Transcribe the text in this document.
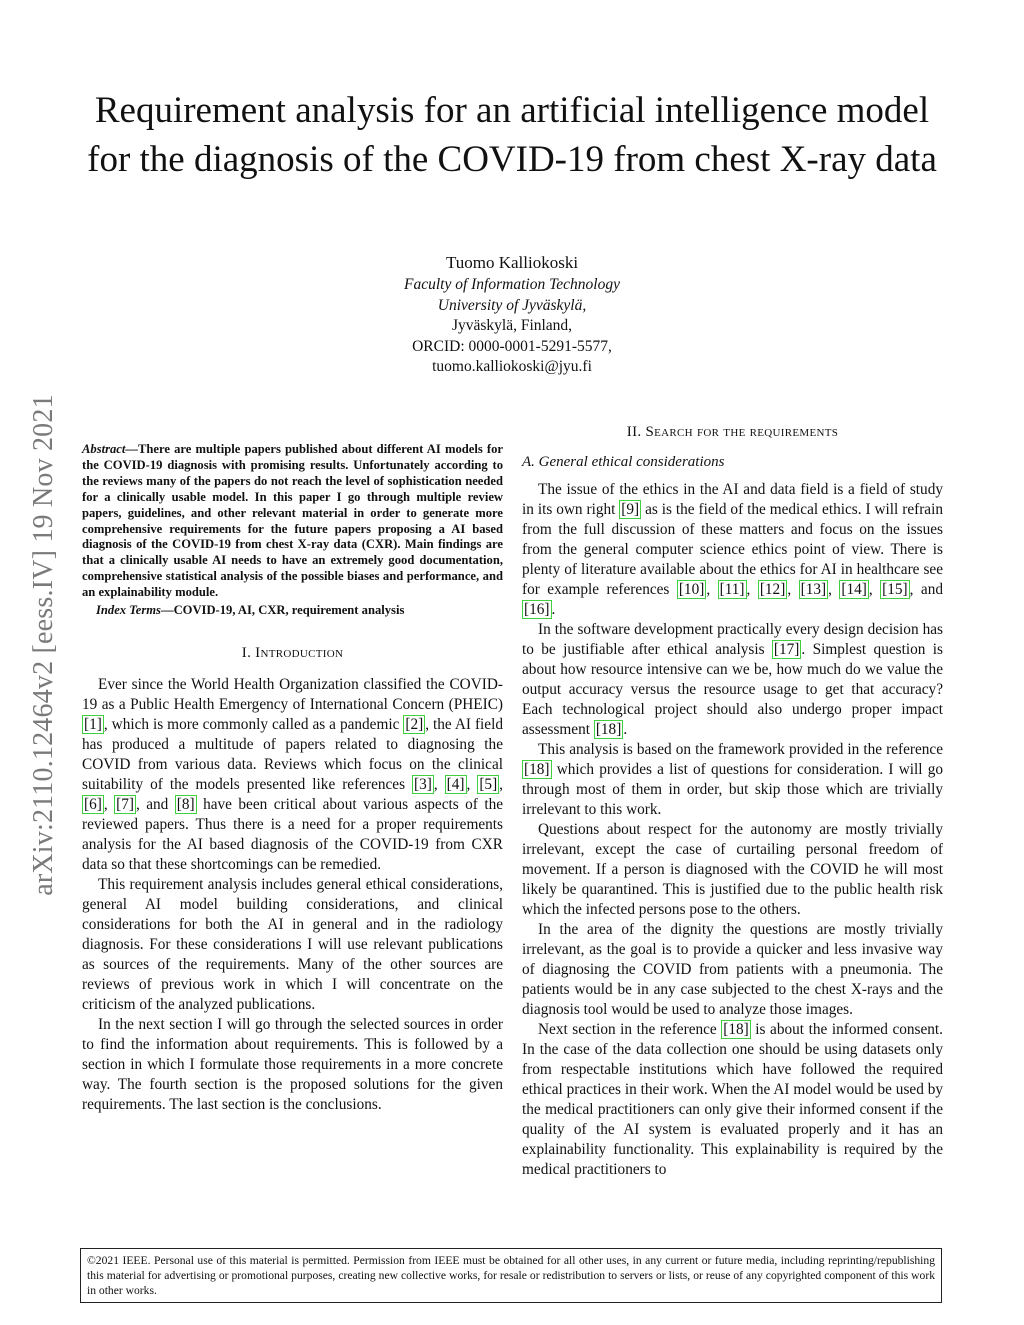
arXiv:2110.12464v2 [eess.IV] 19 Nov 2021
Requirement analysis for an artificial intelligence model for the diagnosis of the COVID-19 from chest X-ray data
Tuomo Kalliokoski
Faculty of Information Technology
University of Jyväskylä,
Jyväskylä, Finland,
ORCID: 0000-0001-5291-5577,
tuomo.kalliokoski@jyu.fi
Abstract—There are multiple papers published about different AI models for the COVID-19 diagnosis with promising results. Unfortunately according to the reviews many of the papers do not reach the level of sophistication needed for a clinically usable model. In this paper I go through multiple review papers, guidelines, and other relevant material in order to generate more comprehensive requirements for the future papers proposing a AI based diagnosis of the COVID-19 from chest X-ray data (CXR). Main findings are that a clinically usable AI needs to have an extremely good documentation, comprehensive statistical analysis of the possible biases and performance, and an explainability module.
Index Terms—COVID-19, AI, CXR, requirement analysis
I. Introduction

Ever since the World Health Organization classified the COVID-19 as a Public Health Emergency of International Concern (PHEIC) [1] , which is more commonly called as a pandemic [2] , the AI field has produced a multitude of papers related to diagnosing the COVID from various data. Reviews which focus on the clinical suitability of the models presented like references [3] , [4] , [5] , [6] , [7] , and [8] have been critical about various aspects of the reviewed papers. Thus there is a need for a proper requirements analysis for the AI based diagnosis of the COVID-19 from CXR data so that these shortcomings can be remedied.

This requirement analysis includes general ethical considerations, general AI model building considerations, and clinical considerations for both the AI in general and in the radiology diagnosis. For these considerations I will use relevant publications as sources of the requirements. Many of the other sources are reviews of previous work in which I will concentrate on the criticism of the analyzed publications.

In the next section I will go through the selected sources in order to find the information about requirements. This is followed by a section in which I formulate those requirements in a more concrete way. The fourth section is the proposed solutions for the given requirements. The last section is the conclusions.

II. Search for the requirements
A. General ethical considerations

The issue of the ethics in the AI and data field is a field of study in its own right [9] as is the field of the medical ethics. I will refrain from the full discussion of these matters and focus on the issues from the general computer science ethics point of view. There is plenty of literature available about the ethics for AI in healthcare see for example references [10] , [11] , [12] , [13] , [14] , [15] , and [16] .

In the software development practically every design decision has to be justifiable after ethical analysis [17] . Simplest question is about how resource intensive can we be, how much do we value the output accuracy versus the resource usage to get that accuracy? Each technological project should also undergo proper impact assessment [18] .

This analysis is based on the framework provided in the reference [18] which provides a list of questions for consideration. I will go through most of them in order, but skip those which are trivially irrelevant to this work.

Questions about respect for the autonomy are mostly trivially irrelevant, except the case of curtailing personal freedom of movement. If a person is diagnosed with the COVID he will most likely be quarantined. This is justified due to the public health risk which the infected persons pose to the others.

In the area of the dignity the questions are mostly trivially irrelevant, as the goal is to provide a quicker and less invasive way of diagnosing the COVID from patients with a pneumonia. The patients would be in any case subjected to the chest X-rays and the diagnosis tool would be used to analyze those images.

Next section in the reference [18] is about the informed consent. In the case of the data collection one should be using datasets only from respectable institutions which have followed the required ethical practices in their work. When the AI model would be used by the medical practitioners can only give their informed consent if the quality of the AI system is evaluated properly and it has an explainability functionality. This explainability is required by the medical practitioners to

©2021 IEEE. Personal use of this material is permitted. Permission from IEEE must be obtained for all other uses, in any current or future media, including reprinting/republishing this material for advertising or promotional purposes, creating new collective works, for resale or redistribution to servers or lists, or reuse of any copyrighted component of this work in other works.
